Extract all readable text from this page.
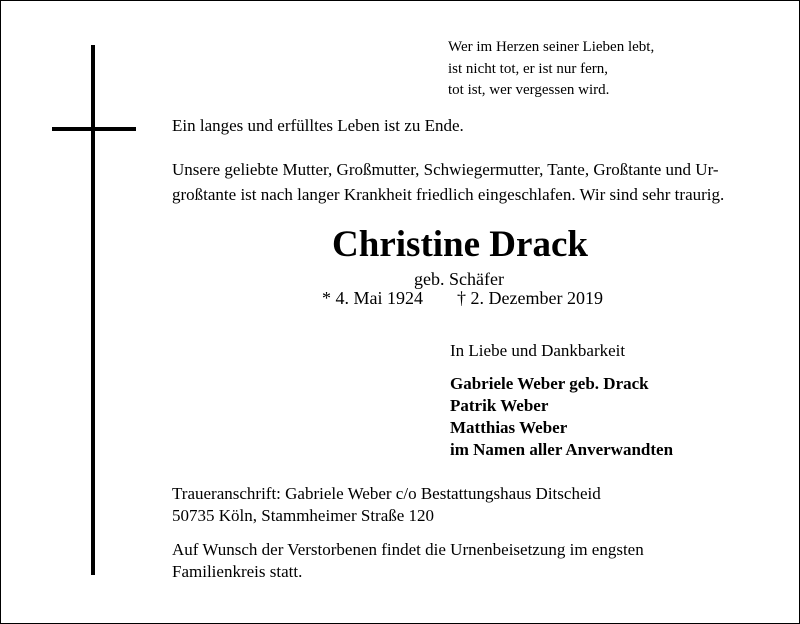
Wer im Herzen seiner Lieben lebt,
ist nicht tot, er ist nur fern,
tot ist, wer vergessen wird.
Ein langes und erfülltes Leben ist zu Ende.
Unsere geliebte Mutter, Großmutter, Schwiegermutter, Tante, Großtante und Ur-
großtante ist nach langer Krankheit friedlich eingeschlafen. Wir sind sehr traurig.
Christine Drack
geb. Schäfer
* 4. Mai 1924 † 2. Dezember 2019
In Liebe und Dankbarkeit
Gabriele Weber geb. Drack
Patrik Weber
Matthias Weber
im Namen aller Anverwandten
Traueranschrift: Gabriele Weber c/o Bestattungshaus Ditscheid
50735 Köln, Stammheimer Straße 120
Auf Wunsch der Verstorbenen findet die Urnenbeisetzung im engsten
Familienkreis statt.
